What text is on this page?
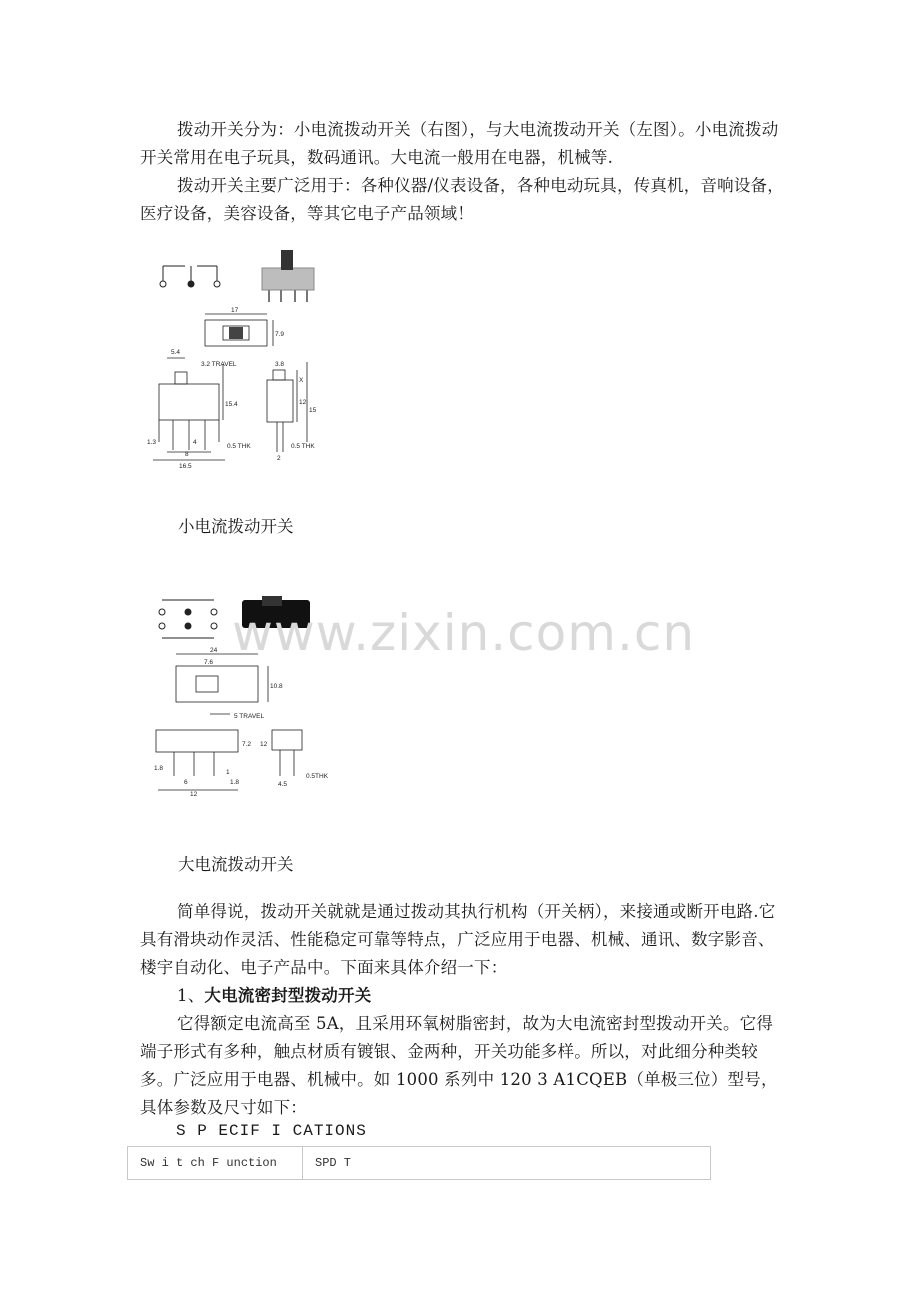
拨动开关分为：小电流拨动开关（右图），与大电流拨动开关（左图）。小电流拨动开关常用在电子玩具，数码通讯。大电流一般用在电器，机械等.

拨动开关主要广泛用于：各种仪器/仪表设备，各种电动玩具，传真机，音响设备，医疗设备，美容设备，等其它电子产品领域！

17
7.9
5.4
3.2 TRAVEL
15.4
1.3	4
8
16.5
0.5 THK
3.8
X
12
15
2
0.5 THK

小电流拨动开关

24
7.6
10.8
5 TRAVEL
7.2 12
1.8
6
1
1.8
12
4.5
0.5THK
www.zixin.com.cn

大电流拨动开关

简单得说，拨动开关就就是通过拨动其执行机构（开关柄），来接通或断开电路.它具有滑块动作灵活、性能稳定可靠等特点，广泛应用于电器、机械、通讯、数字影音、楼宇自动化、电子产品中。下面来具体介绍一下：

1、大电流密封型拨动开关

它得额定电流高至 5A，且采用环氧树脂密封，故为大电流密封型拨动开关。它得端子形式有多种，触点材质有镀银、金两种，开关功能多样。所以，对此细分种类较多。广泛应用于电器、机械中。如 1000 系列中 120 3 A1CQEB（单极三位）型号，具体参数及尺寸如下：

S P ECIF I CATIONS
Sw i t ch F unction	SPD T
